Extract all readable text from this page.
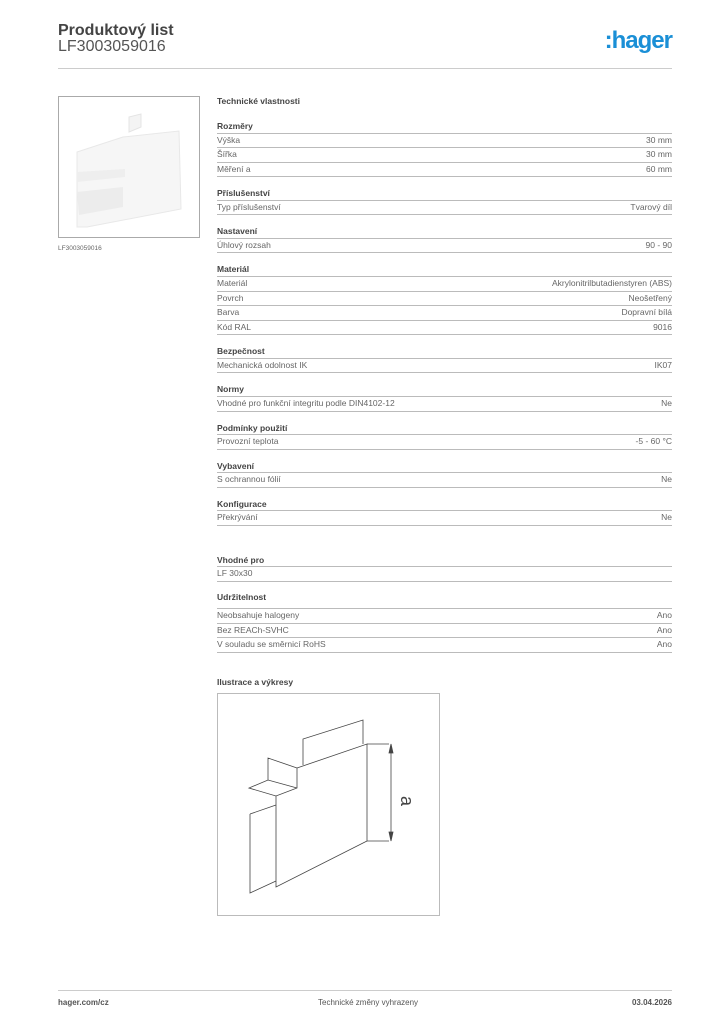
Produktový list
LF3003059016	:hager
LF3003059016
Technické vlastnosti
Rozměry
Výška	30 mm
Šířka	30 mm
Měření a	60 mm
Příslušenství
Typ příslušenství	Tvarový díl
Nastavení
Úhlový rozsah	90 - 90
Materiál
Materiál	Akrylonitrilbutadienstyren (ABS)
Povrch	Neošetřený
Barva	Dopravní bílá
Kód RAL	9016
Bezpečnost
Mechanická odolnost IK	IK07
Normy
Vhodné pro funkční integritu podle DIN4102-12	Ne
Podmínky použití
Provozní teplota	-5 - 60 °C
Vybavení
S ochrannou fólií	Ne
Konfigurace
Překrývání	Ne
Vhodné pro
LF 30x30
Udržitelnost
Neobsahuje halogeny	Ano
Bez REACh-SVHC	Ano
V souladu se směrnicí RoHS	Ano
Ilustrace a výkresy
a
hager.com/cz	Technické změny vyhrazeny	03.04.2026
